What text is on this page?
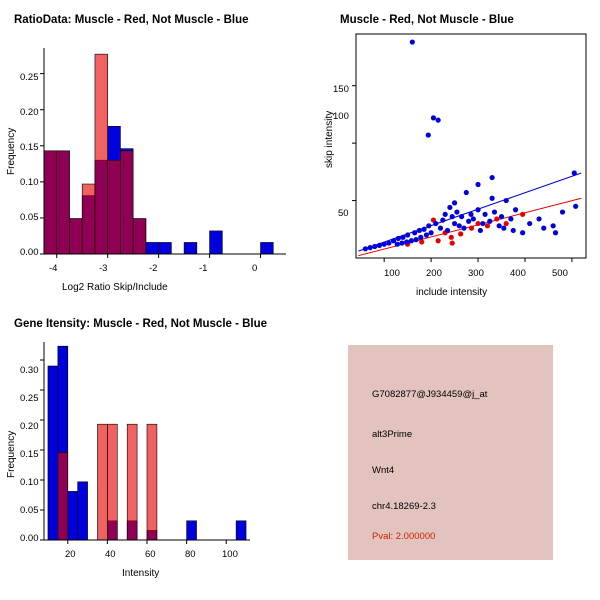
RatioData: Muscle - Red, Not Muscle - Blue
Frequency
Log2 Ratio Skip/Include
0.00
0.05
0.10
0.15
0.20
0.25
-4	-3	-2	-1	0
Muscle - Red, Not Muscle - Blue
skip intensity
include intensity
50
100
150
100	200	300	400	500
Gene Itensity: Muscle - Red, Not Muscle - Blue
Frequency
Intensity
0.00
0.05
0.10
0.15
0.20
0.25
0.30
20	40	60	80	100
G7082877@J934459@j_at
alt3Prime
Wnt4
chr4.18269-2.3
Pval: 2.000000
